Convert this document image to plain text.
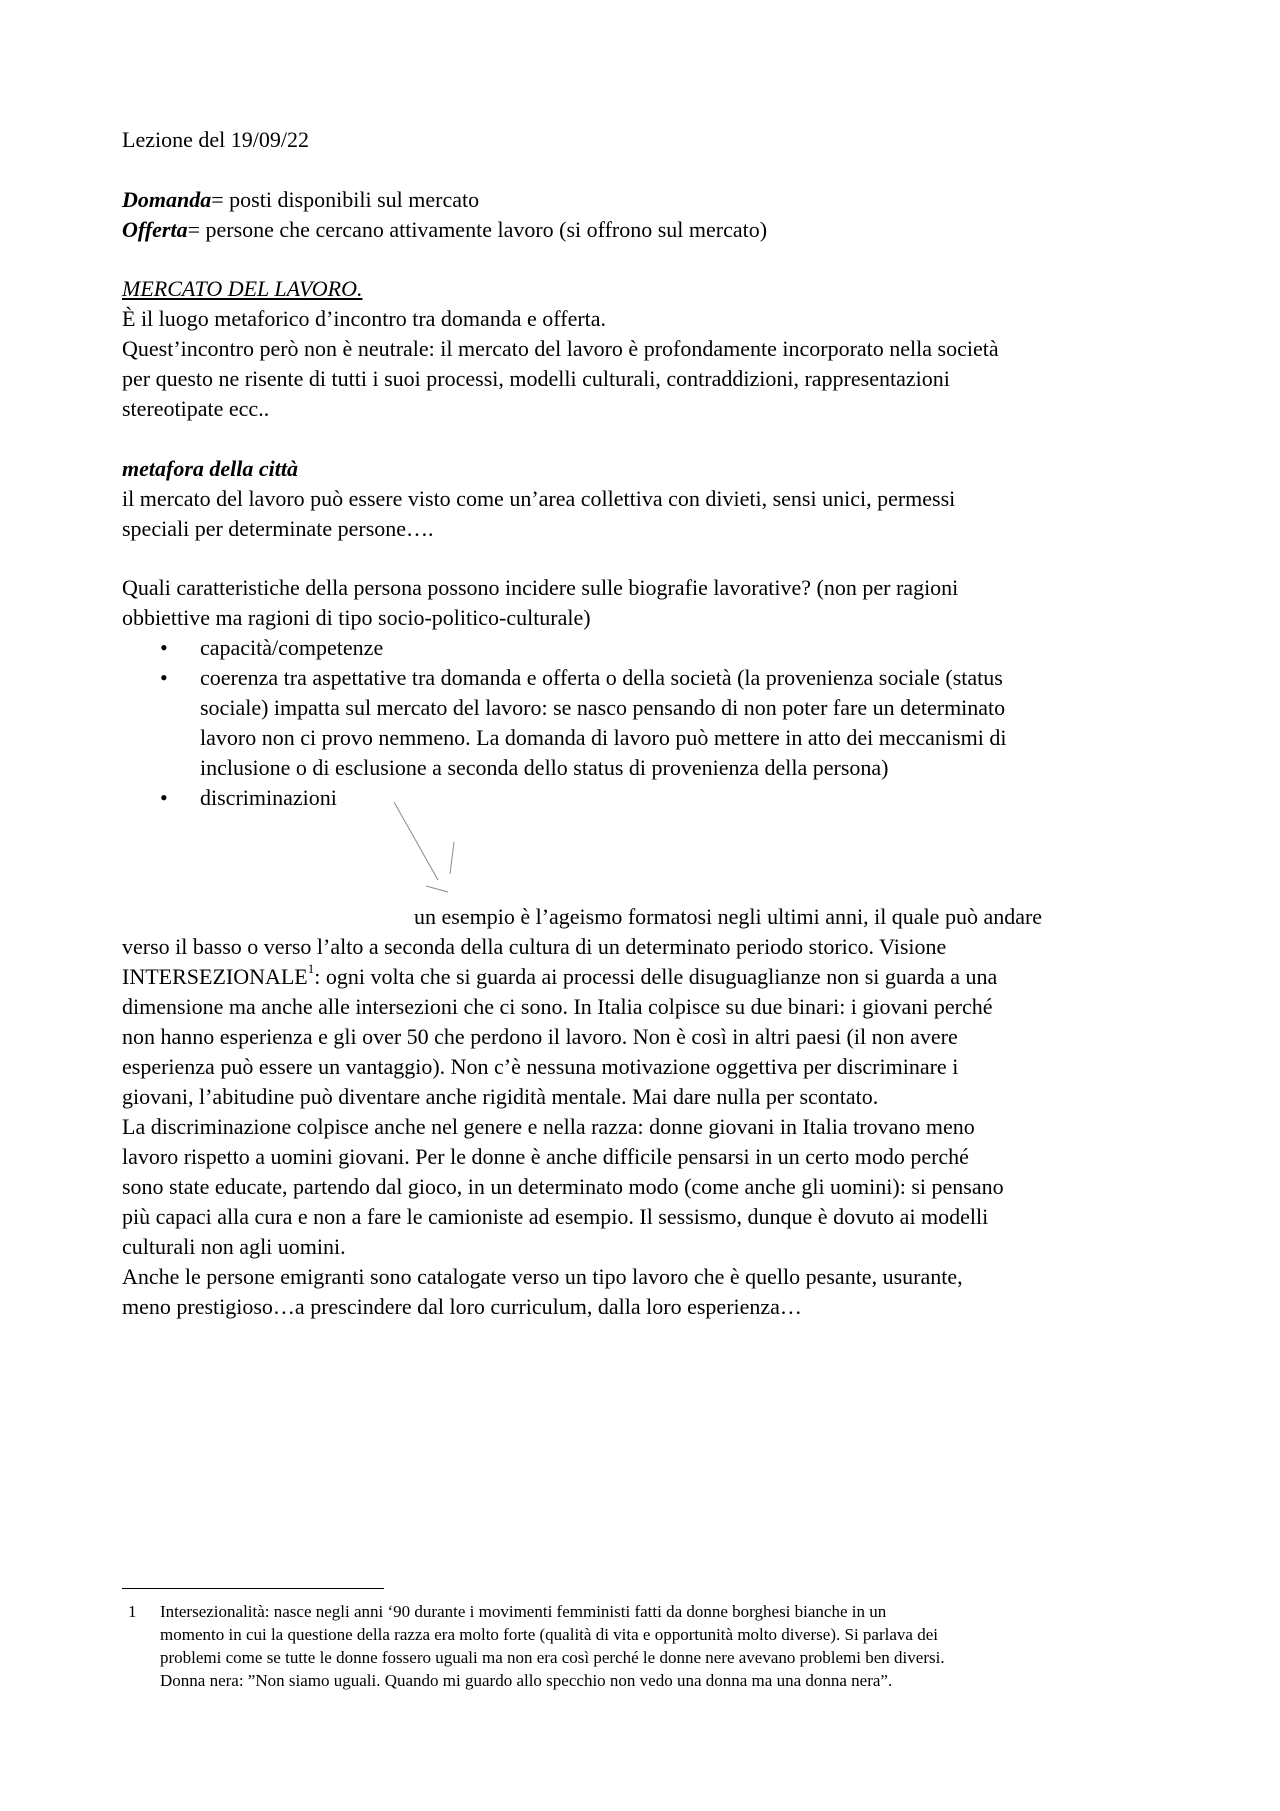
Lezione del 19/09/22
Domanda= posti disponibili sul mercato
Offerta= persone che cercano attivamente lavoro (si offrono sul mercato)
MERCATO DEL LAVORO.
È il luogo metaforico d’incontro tra domanda e offerta.
Quest’incontro però non è neutrale: il mercato del lavoro è profondamente incorporato nella società
per questo ne risente di tutti i suoi processi, modelli culturali, contraddizioni, rappresentazioni
stereotipate ecc..
metafora della città
il mercato del lavoro può essere visto come un’area collettiva con divieti, sensi unici, permessi
speciali per determinate persone….
Quali caratteristiche della persona possono incidere sulle biografie lavorative? (non per ragioni
obbiettive ma ragioni di tipo socio-politico-culturale)
• capacità/competenze
• coerenza tra aspettative tra domanda e offerta o della società (la provenienza sociale (status
sociale) impatta sul mercato del lavoro: se nasco pensando di non poter fare un determinato
lavoro non ci provo nemmeno. La domanda di lavoro può mettere in atto dei meccanismi di
inclusione o di esclusione a seconda dello status di provenienza della persona)
• discriminazioni
un esempio è l’ageismo formatosi negli ultimi anni, il quale può andare
verso il basso o verso l’alto a seconda della cultura di un determinato periodo storico. Visione
INTERSEZIONALE$^1$: ogni volta che si guarda ai processi delle disuguaglianze non si guarda a una
dimensione ma anche alle intersezioni che ci sono. In Italia colpisce su due binari: i giovani perché
non hanno esperienza e gli over 50 che perdono il lavoro. Non è così in altri paesi (il non avere
esperienza può essere un vantaggio). Non c’è nessuna motivazione oggettiva per discriminare i
giovani, l’abitudine può diventare anche rigidità mentale. Mai dare nulla per scontato.
La discriminazione colpisce anche nel genere e nella razza: donne giovani in Italia trovano meno
lavoro rispetto a uomini giovani. Per le donne è anche difficile pensarsi in un certo modo perché
sono state educate, partendo dal gioco, in un determinato modo (come anche gli uomini): si pensano
più capaci alla cura e non a fare le camioniste ad esempio. Il sessismo, dunque è dovuto ai modelli
culturali non agli uomini.
Anche le persone emigranti sono catalogate verso un tipo lavoro che è quello pesante, usurante,
meno prestigioso…a prescindere dal loro curriculum, dalla loro esperienza…
1 Intersezionalità: nasce negli anni ‘90 durante i movimenti femministi fatti da donne borghesi bianche in un
momento in cui la questione della razza era molto forte (qualità di vita e opportunità molto diverse). Si parlava dei
problemi come se tutte le donne fossero uguali ma non era così perché le donne nere avevano problemi ben diversi.
Donna nera: ”Non siamo uguali. Quando mi guardo allo specchio non vedo una donna ma una donna nera”.
